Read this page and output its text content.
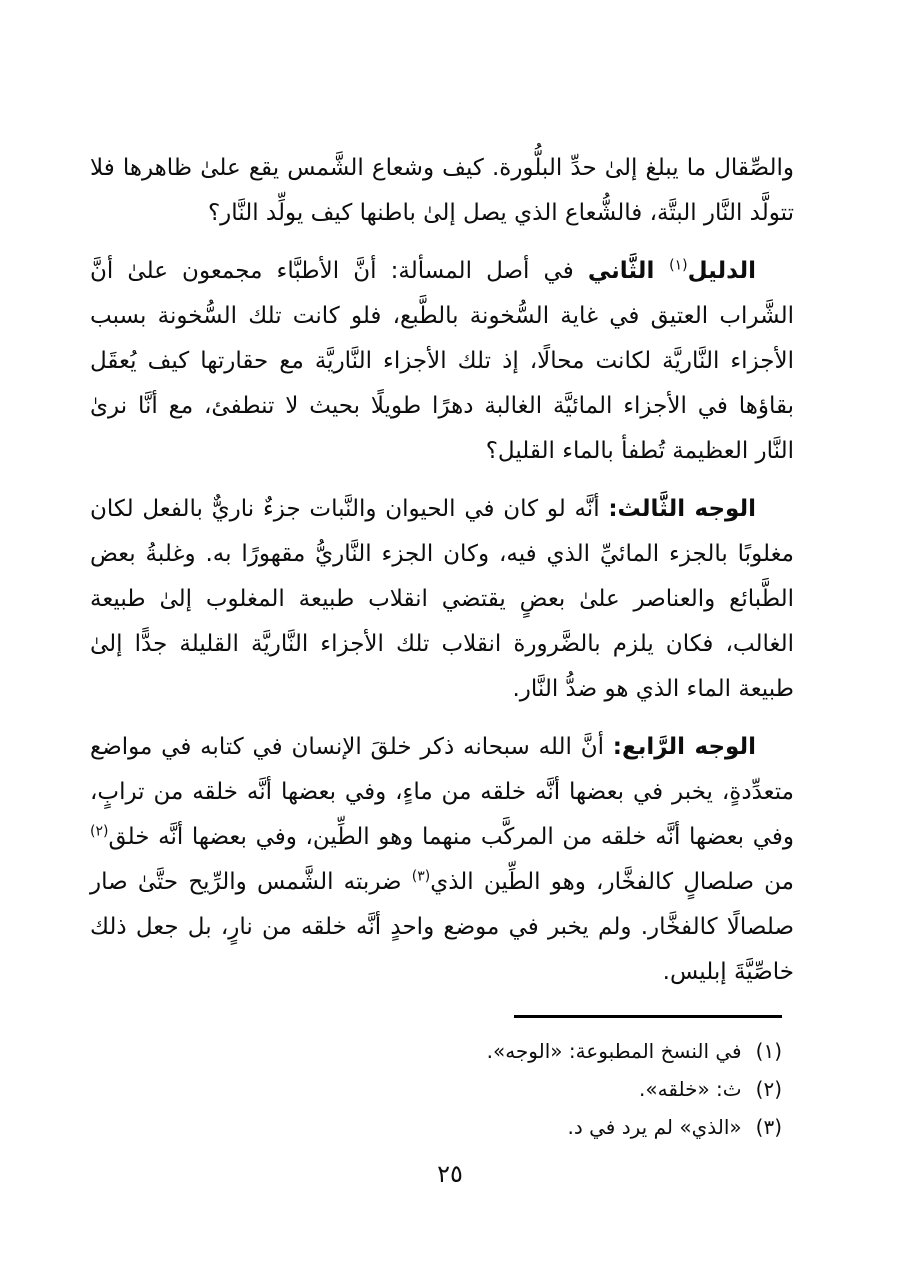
والصِّقال ما يبلغ إلىٰ حدِّ البلُّورة. كيف وشعاع الشَّمس يقع علىٰ ظاهرها فلا تتولَّد النَّار البتَّة، فالشُّعاع الذي يصل إلىٰ باطنها كيف يولِّد النَّار؟

الدليل$^{(١)}$ الثَّاني في أصل المسألة: أنَّ الأطبَّاء مجمعون علىٰ أنَّ الشَّراب العتيق في غاية السُّخونة بالطَّبع، فلو كانت تلك السُّخونة بسبب الأجزاء النَّاريَّة لكانت محالًا، إذ تلك الأجزاء النَّاريَّة مع حقارتها كيف يُعقَل بقاؤها في الأجزاء المائيَّة الغالبة دهرًا طويلًا بحيث لا تنطفئ، مع أنَّا نرىٰ النَّار العظيمة تُطفأ بالماء القليل؟

الوجه الثَّالث: أنَّه لو كان في الحيوان والنَّبات جزءٌ ناريٌّ بالفعل لكان مغلوبًا بالجزء المائيِّ الذي فيه، وكان الجزء النَّاريُّ مقهورًا به. وغلبةُ بعض الطَّبائع والعناصر علىٰ بعضٍ يقتضي انقلاب طبيعة المغلوب إلىٰ طبيعة الغالب، فكان يلزم بالضَّرورة انقلاب تلك الأجزاء النَّاريَّة القليلة جدًّا إلىٰ طبيعة الماء الذي هو ضدُّ النَّار.

الوجه الرَّابع: أنَّ الله سبحانه ذكر خلقَ الإنسان في كتابه في مواضع متعدِّدةٍ، يخبر في بعضها أنَّه خلقه من ماءٍ، وفي بعضها أنَّه خلقه من ترابٍ، وفي بعضها أنَّه خلقه من المركَّب منهما وهو الطِّين، وفي بعضها أنَّه خلق$^{(٢)}$ من صلصالٍ كالفخَّار، وهو الطِّين الذي$^{(٣)}$ ضربته الشَّمس والرِّيح حتَّىٰ صار صلصالًا كالفخَّار. ولم يخبر في موضع واحدٍ أنَّه خلقه من نارٍ، بل جعل ذلك خاصِّيَّةَ إبليس.

(١)في النسخ المطبوعة: «الوجه».
(٢)ث: «خلقه».
(٣)«الذي» لم يرد في د.
٢٥
